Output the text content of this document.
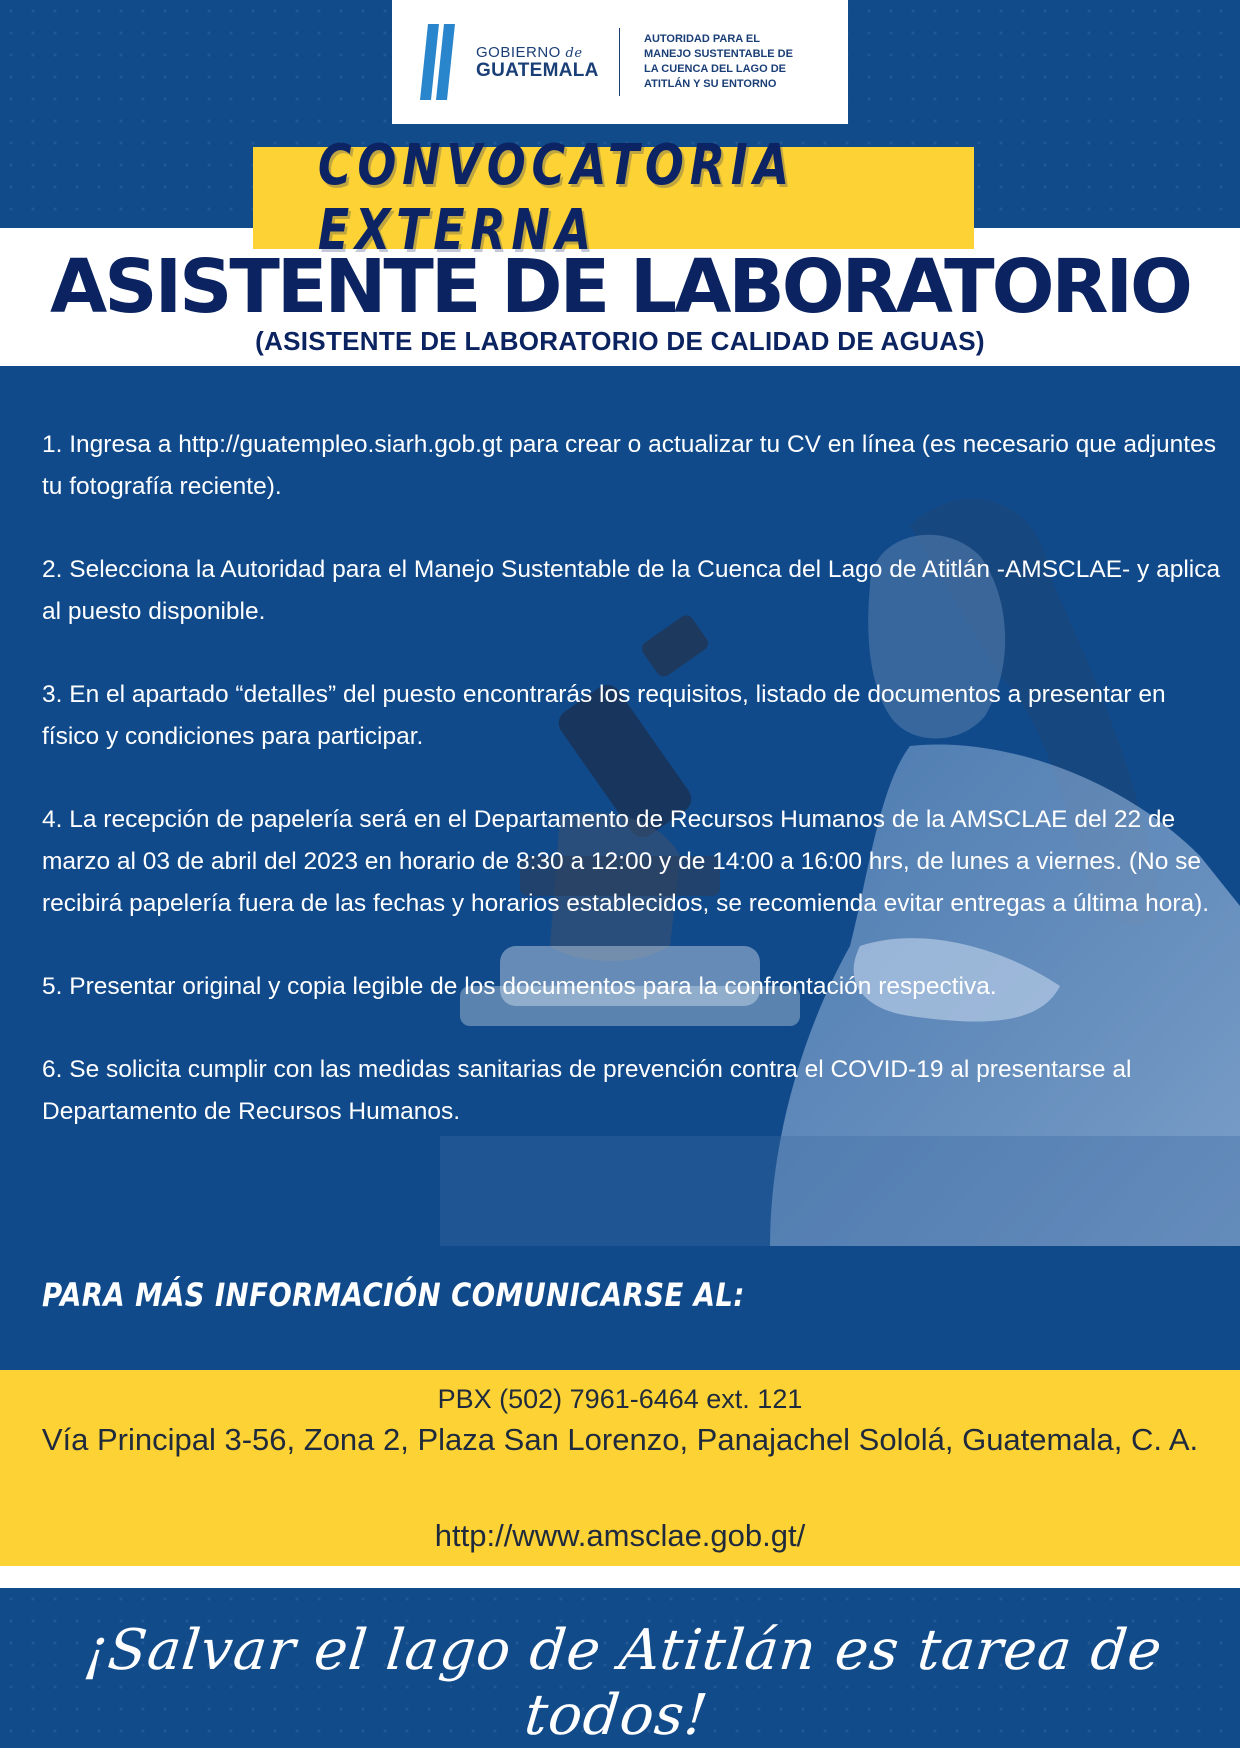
GOBIERNO de
GUATEMALA
AUTORIDAD PARA EL
MANEJO SUSTENTABLE DE
LA CUENCA DEL LAGO DE
ATITLÁN Y SU ENTORNO
CONVOCATORIA EXTERNA
ASISTENTE DE LABORATORIO
(ASISTENTE DE LABORATORIO DE CALIDAD DE AGUAS)

1. Ingresa a http://guatempleo.siarh.gob.gt para crear o actualizar tu CV en línea (es necesario que adjuntes tu fotografía reciente).

2. Selecciona la Autoridad para el Manejo Sustentable de la Cuenca del Lago de Atitlán -AMSCLAE- y aplica al puesto disponible.

3. En el apartado “detalles” del puesto encontrarás los requisitos, listado de documentos a presentar en físico y condiciones para participar.

4. La recepción de papelería será en el Departamento de Recursos Humanos de la AMSCLAE del 22 de marzo al 03 de abril del 2023 en horario de 8:30 a 12:00 y de 14:00 a 16:00 hrs, de lunes a viernes. (No se recibirá papelería fuera de las fechas y horarios establecidos, se recomienda evitar entregas a última hora).

5. Presentar original y copia legible de los documentos para la confrontación respectiva.

6. Se solicita cumplir con las medidas sanitarias de prevención contra el COVID-19 al presentarse al Departamento de Recursos Humanos.

PARA MÁS INFORMACIÓN COMUNICARSE AL:
PBX (502) 7961-6464 ext. 121
Vía Principal 3-56, Zona 2, Plaza San Lorenzo, Panajachel Sololá, Guatemala, C. A.
http://www.amsclae.gob.gt/
¡Salvar el lago de Atitlán es tarea de todos!
